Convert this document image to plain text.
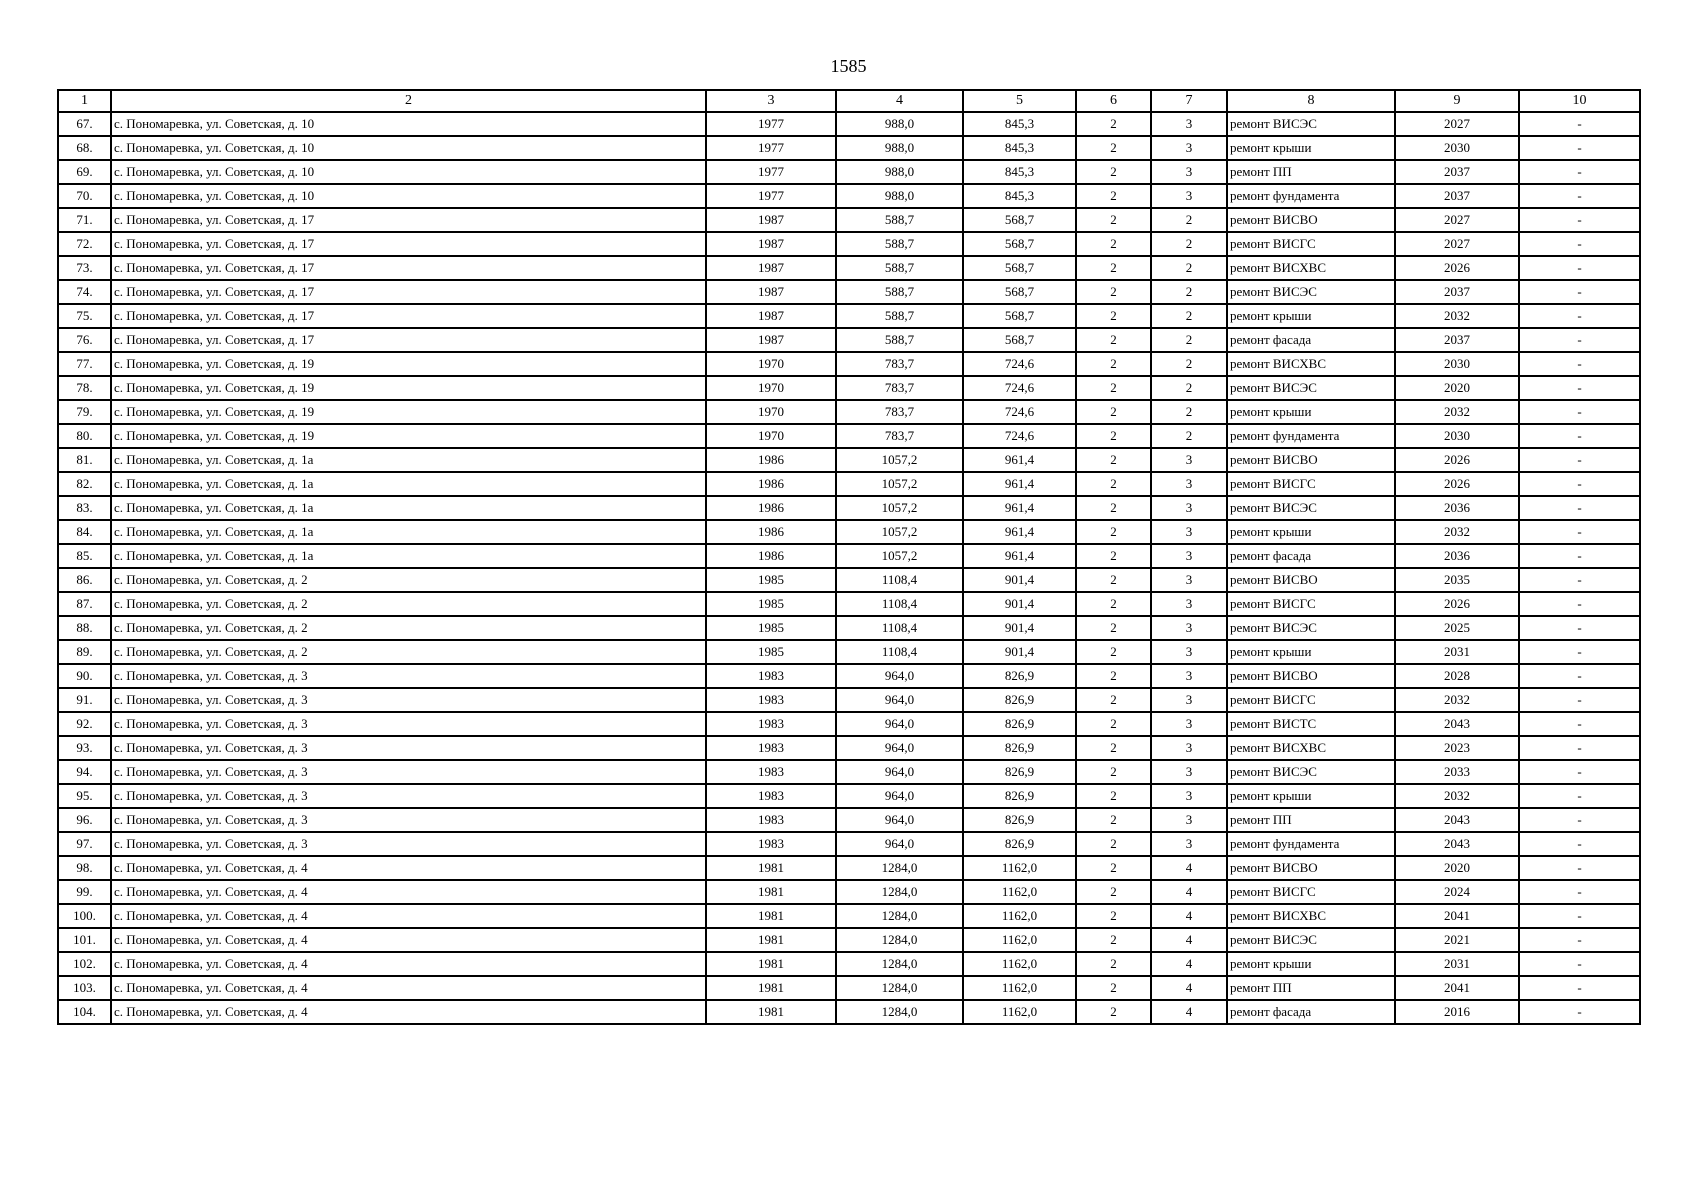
1585
1	2	3	4	5	6	7	8	9	10
67.	с. Пономаревка, ул. Советская, д. 10	1977	988,0	845,3	2	3	ремонт ВИСЭС	2027	-
68.	с. Пономаревка, ул. Советская, д. 10	1977	988,0	845,3	2	3	ремонт крыши	2030	-
69.	с. Пономаревка, ул. Советская, д. 10	1977	988,0	845,3	2	3	ремонт ПП	2037	-
70.	с. Пономаревка, ул. Советская, д. 10	1977	988,0	845,3	2	3	ремонт фундамента	2037	-
71.	с. Пономаревка, ул. Советская, д. 17	1987	588,7	568,7	2	2	ремонт ВИСВО	2027	-
72.	с. Пономаревка, ул. Советская, д. 17	1987	588,7	568,7	2	2	ремонт ВИСГС	2027	-
73.	с. Пономаревка, ул. Советская, д. 17	1987	588,7	568,7	2	2	ремонт ВИСХВС	2026	-
74.	с. Пономаревка, ул. Советская, д. 17	1987	588,7	568,7	2	2	ремонт ВИСЭС	2037	-
75.	с. Пономаревка, ул. Советская, д. 17	1987	588,7	568,7	2	2	ремонт крыши	2032	-
76.	с. Пономаревка, ул. Советская, д. 17	1987	588,7	568,7	2	2	ремонт фасада	2037	-
77.	с. Пономаревка, ул. Советская, д. 19	1970	783,7	724,6	2	2	ремонт ВИСХВС	2030	-
78.	с. Пономаревка, ул. Советская, д. 19	1970	783,7	724,6	2	2	ремонт ВИСЭС	2020	-
79.	с. Пономаревка, ул. Советская, д. 19	1970	783,7	724,6	2	2	ремонт крыши	2032	-
80.	с. Пономаревка, ул. Советская, д. 19	1970	783,7	724,6	2	2	ремонт фундамента	2030	-
81.	с. Пономаревка, ул. Советская, д. 1а	1986	1057,2	961,4	2	3	ремонт ВИСВО	2026	-
82.	с. Пономаревка, ул. Советская, д. 1а	1986	1057,2	961,4	2	3	ремонт ВИСГС	2026	-
83.	с. Пономаревка, ул. Советская, д. 1а	1986	1057,2	961,4	2	3	ремонт ВИСЭС	2036	-
84.	с. Пономаревка, ул. Советская, д. 1а	1986	1057,2	961,4	2	3	ремонт крыши	2032	-
85.	с. Пономаревка, ул. Советская, д. 1а	1986	1057,2	961,4	2	3	ремонт фасада	2036	-
86.	с. Пономаревка, ул. Советская, д. 2	1985	1108,4	901,4	2	3	ремонт ВИСВО	2035	-
87.	с. Пономаревка, ул. Советская, д. 2	1985	1108,4	901,4	2	3	ремонт ВИСГС	2026	-
88.	с. Пономаревка, ул. Советская, д. 2	1985	1108,4	901,4	2	3	ремонт ВИСЭС	2025	-
89.	с. Пономаревка, ул. Советская, д. 2	1985	1108,4	901,4	2	3	ремонт крыши	2031	-
90.	с. Пономаревка, ул. Советская, д. 3	1983	964,0	826,9	2	3	ремонт ВИСВО	2028	-
91.	с. Пономаревка, ул. Советская, д. 3	1983	964,0	826,9	2	3	ремонт ВИСГС	2032	-
92.	с. Пономаревка, ул. Советская, д. 3	1983	964,0	826,9	2	3	ремонт ВИСТС	2043	-
93.	с. Пономаревка, ул. Советская, д. 3	1983	964,0	826,9	2	3	ремонт ВИСХВС	2023	-
94.	с. Пономаревка, ул. Советская, д. 3	1983	964,0	826,9	2	3	ремонт ВИСЭС	2033	-
95.	с. Пономаревка, ул. Советская, д. 3	1983	964,0	826,9	2	3	ремонт крыши	2032	-
96.	с. Пономаревка, ул. Советская, д. 3	1983	964,0	826,9	2	3	ремонт ПП	2043	-
97.	с. Пономаревка, ул. Советская, д. 3	1983	964,0	826,9	2	3	ремонт фундамента	2043	-
98.	с. Пономаревка, ул. Советская, д. 4	1981	1284,0	1162,0	2	4	ремонт ВИСВО	2020	-
99.	с. Пономаревка, ул. Советская, д. 4	1981	1284,0	1162,0	2	4	ремонт ВИСГС	2024	-
100.	с. Пономаревка, ул. Советская, д. 4	1981	1284,0	1162,0	2	4	ремонт ВИСХВС	2041	-
101.	с. Пономаревка, ул. Советская, д. 4	1981	1284,0	1162,0	2	4	ремонт ВИСЭС	2021	-
102.	с. Пономаревка, ул. Советская, д. 4	1981	1284,0	1162,0	2	4	ремонт крыши	2031	-
103.	с. Пономаревка, ул. Советская, д. 4	1981	1284,0	1162,0	2	4	ремонт ПП	2041	-
104.	с. Пономаревка, ул. Советская, д. 4	1981	1284,0	1162,0	2	4	ремонт фасада	2016	-
